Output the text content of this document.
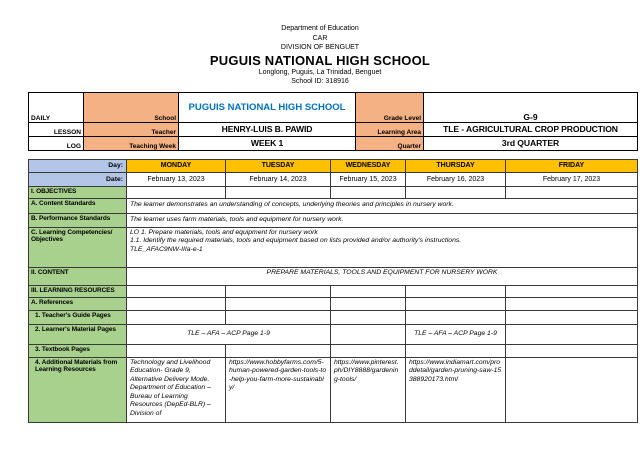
Department of Education
CAR
DIVISION OF BENGUET
PUGUIS NATIONAL HIGH SCHOOL
Longlong, Puguis, La Trinidad, Benguet
School ID: 318916
DAILY	School	PUGUIS NATIONAL HIGH SCHOOL	Grade Level	G-9
LESSON	Teacher	HENRY-LUIS B. PAWID	Learning Area	TLE - AGRICULTURAL CROP PRODUCTION
LOG	Teaching Week	WEEK 1	Quarter	3rd QUARTER
Day:	MONDAY	TUESDAY	WEDNESDAY	THURSDAY	FRIDAY
Date:	February 13, 2023	February 14, 2023	February 15, 2023	February 16, 2023	February 17, 2023
I. OBJECTIVES					
A. Content Standards	The learner demonstrates an understanding of concepts, underlying theories and principles in nursery work.				
B. Performance Standards	The learner uses farm materials, tools and equipment for nursery work.				
C. Learning Competencies/ Objectives	LO 1. Prepare materials, tools and equipment for nursery work
1.1. Identify the required materials, tools and equipment based on lists provided and/or authority's instructions.
TLE_AFAC9NW-IIIa-e-1				

II. CONTENT	PREPARE MATERIALS, TOOLS AND EQUIPMENT FOR NURSERY WORK				
III. LEARNING RESOURCES					
A. References					
1. Teacher's Guide Pages					
2. Learner's Material Pages	TLE – AFA – ACP Page 1-9			TLE – AFA – ACP Page 1-9	
3. Textbook Pages					
4. Additional Materials from Learning Resources	Technology and Livelihood Education- Grade 9, Alternative Delivery Mode. Department of Education – Bureau of Learning Resources (DepEd-BLR) – Division of	https://www.hobbyfarms.com/5-human-powered-garden-tools-to-help-you-farm-more-sustainably/	https://www.pinterest.ph/DIY8888/gardening-tools/	https://www.indiamart.com/proddetail/garden-pruning-saw-15388920173.html	
